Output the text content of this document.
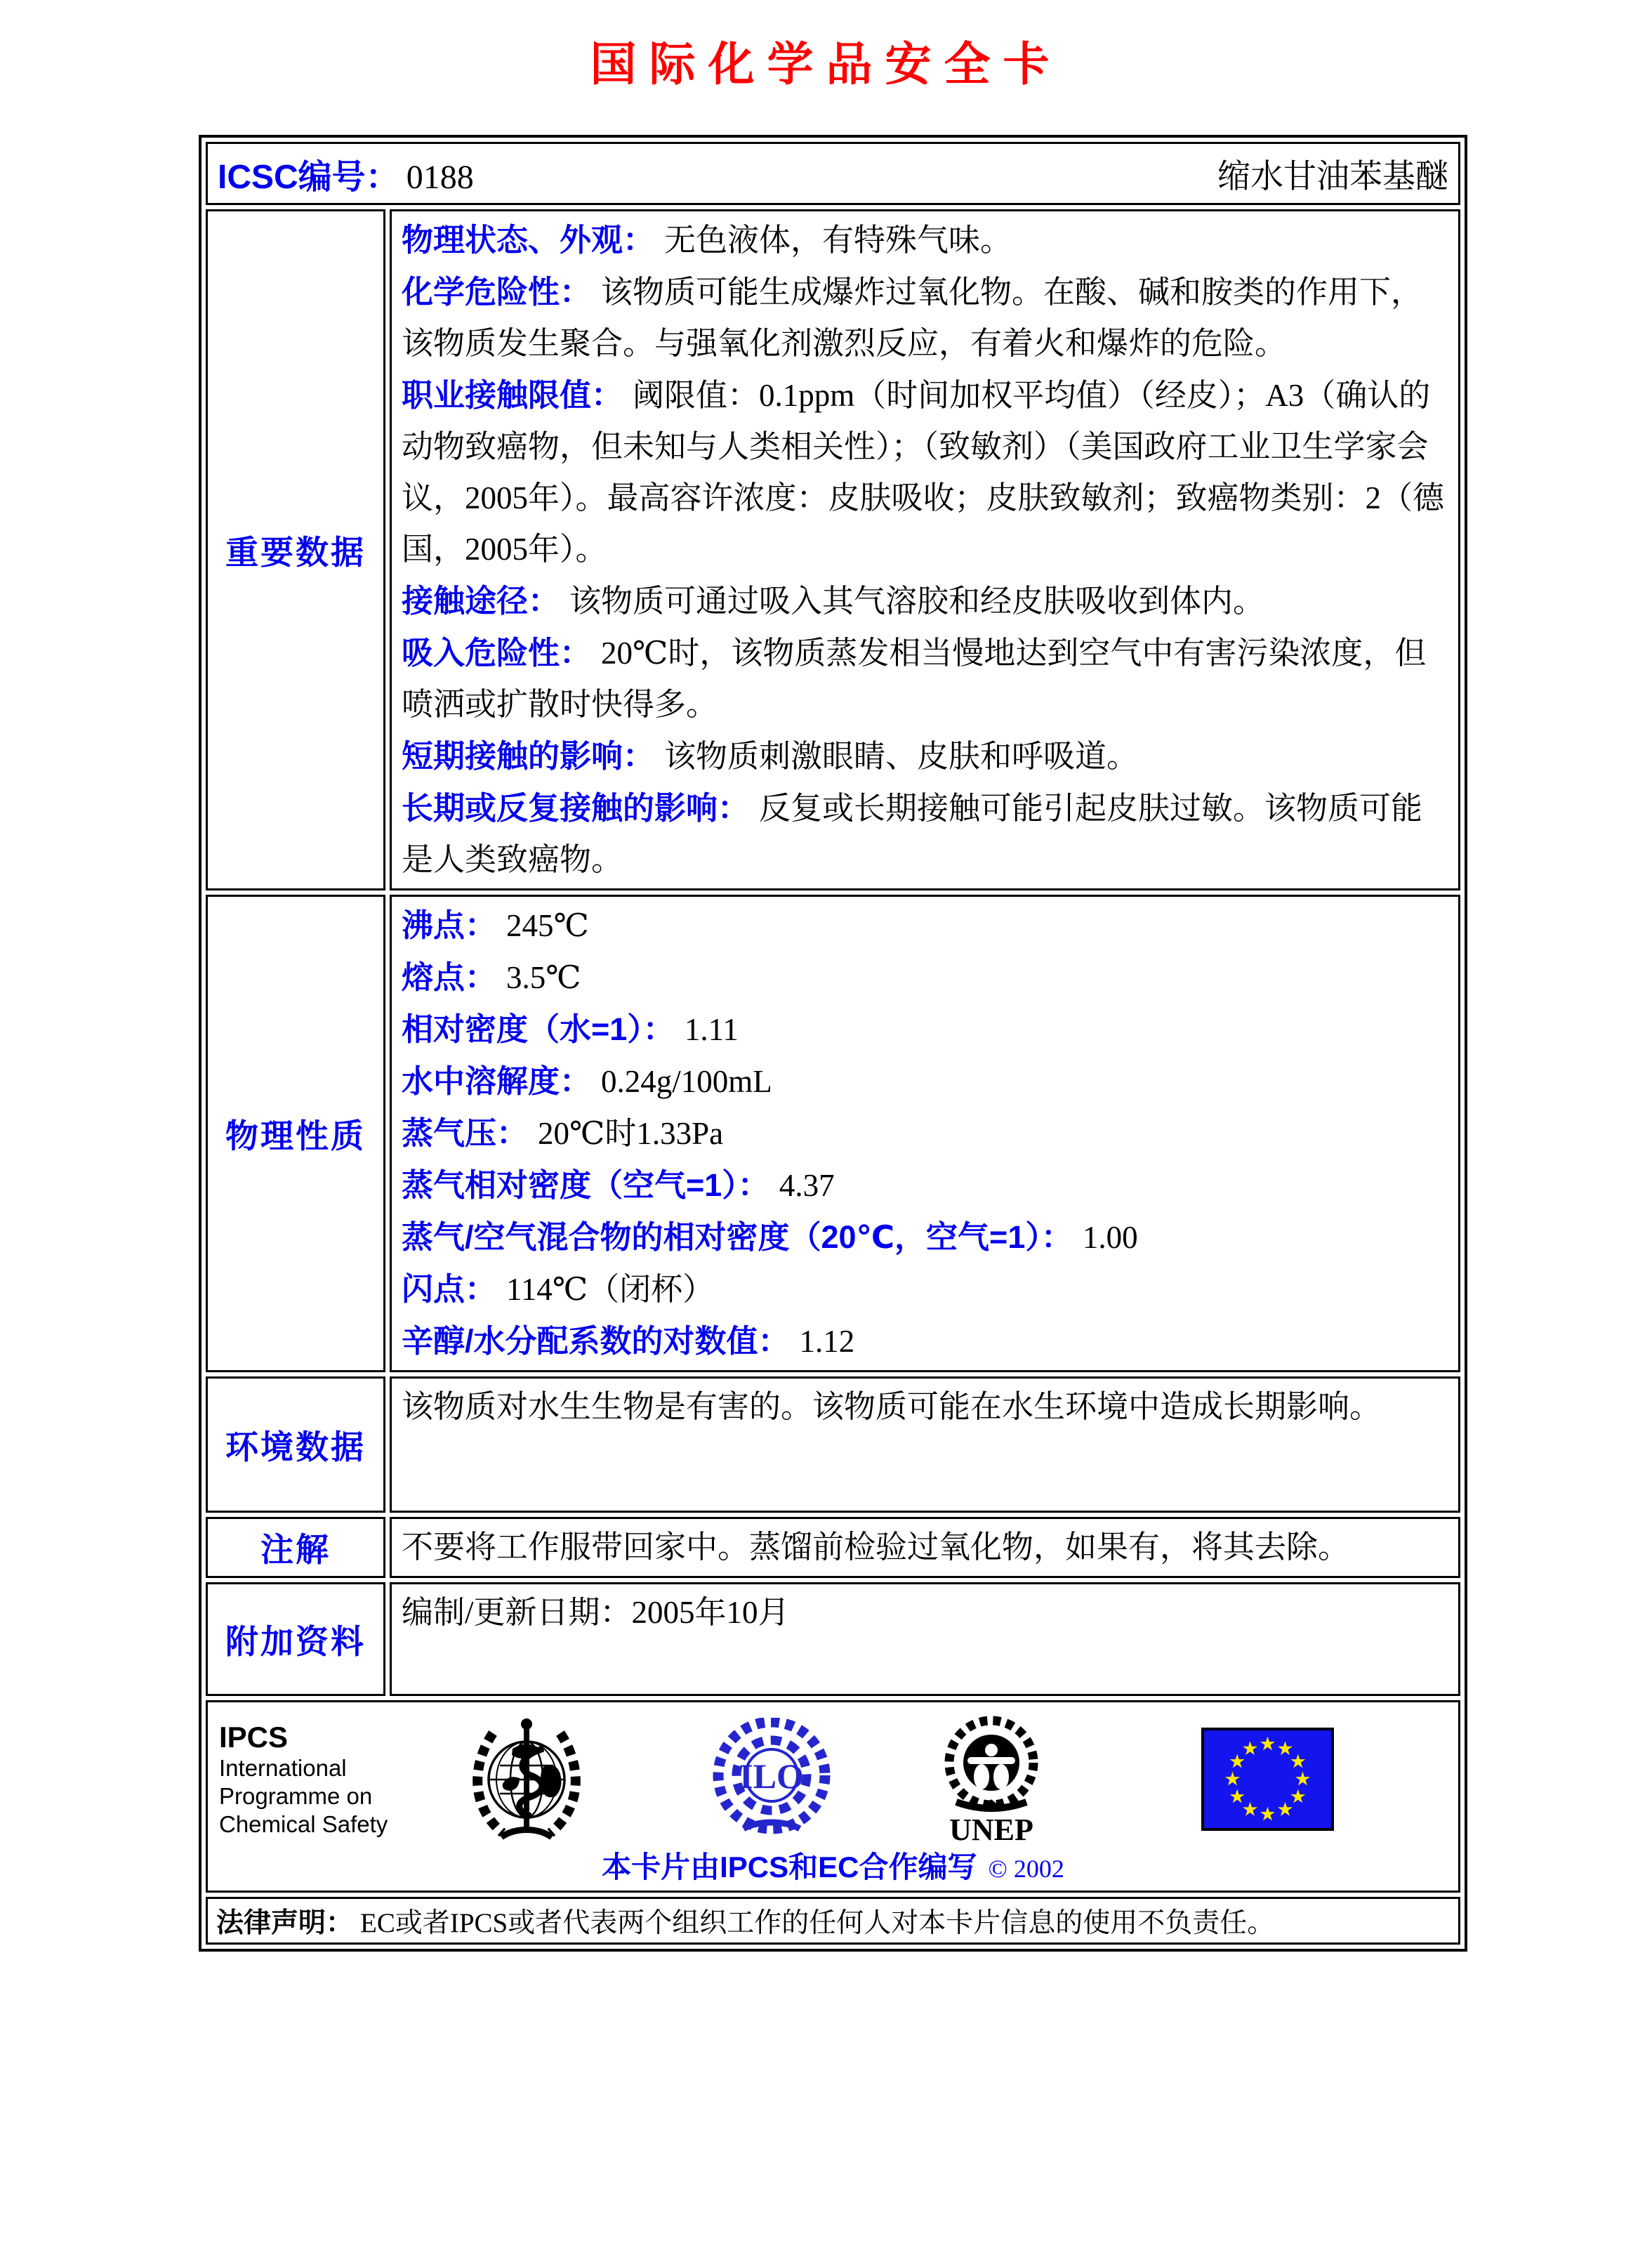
国际化学品安全卡
ICSC编号： 0188 缩水甘油苯基醚	

重要数据	
物理状态、外观： 无色液体，有特殊气味。
化学危险性： 该物质可能生成爆炸过氧化物。在酸、碱和胺类的作用下，该物质发生聚合。与强氧化剂激烈反应，有着火和爆炸的危险。
职业接触限值： 阈限值：0.1ppm（时间加权平均值）（经皮）；A3（确认的动物致癌物，但未知与人类相关性）；（致敏剂）（美国政府工业卫生学家会议，2005年）。最高容许浓度：皮肤吸收；皮肤致敏剂；致癌物类别：2（德国，2005年）。
接触途径： 该物质可通过吸入其气溶胶和经皮肤吸收到体内。
吸入危险性： 20℃时，该物质蒸发相当慢地达到空气中有害污染浓度，但喷洒或扩散时快得多。
短期接触的影响： 该物质刺激眼睛、皮肤和呼吸道。
长期或反复接触的影响： 反复或长期接触可能引起皮肤过敏。该物质可能是人类致癌物。

物理性质	
沸点： 245℃
熔点： 3.5℃
相对密度（水=1）： 1.11
水中溶解度： 0.24g/100mL
蒸气压： 20℃时1.33Pa
蒸气相对密度（空气=1）： 4.37
蒸气/空气混合物的相对密度（20℃，空气=1）： 1.00
闪点： 114℃（闭杯）
辛醇/水分配系数的对数值： 1.12

环境数据	该物质对水生生物是有害的。该物质可能在水生环境中造成长期影响。
注解	不要将工作服带回家中。蒸馏前检验过氧化物，如果有，将其去除。
附加资料	编制/更新日期：2005年10月

IPCS
International
Programme on
Chemical Safety
ILO
UNEP
本卡片由IPCS和EC合作编写 © 2002

法律声明： EC或者IPCS或者代表两个组织工作的任何人对本卡片信息的使用不负责任。	
